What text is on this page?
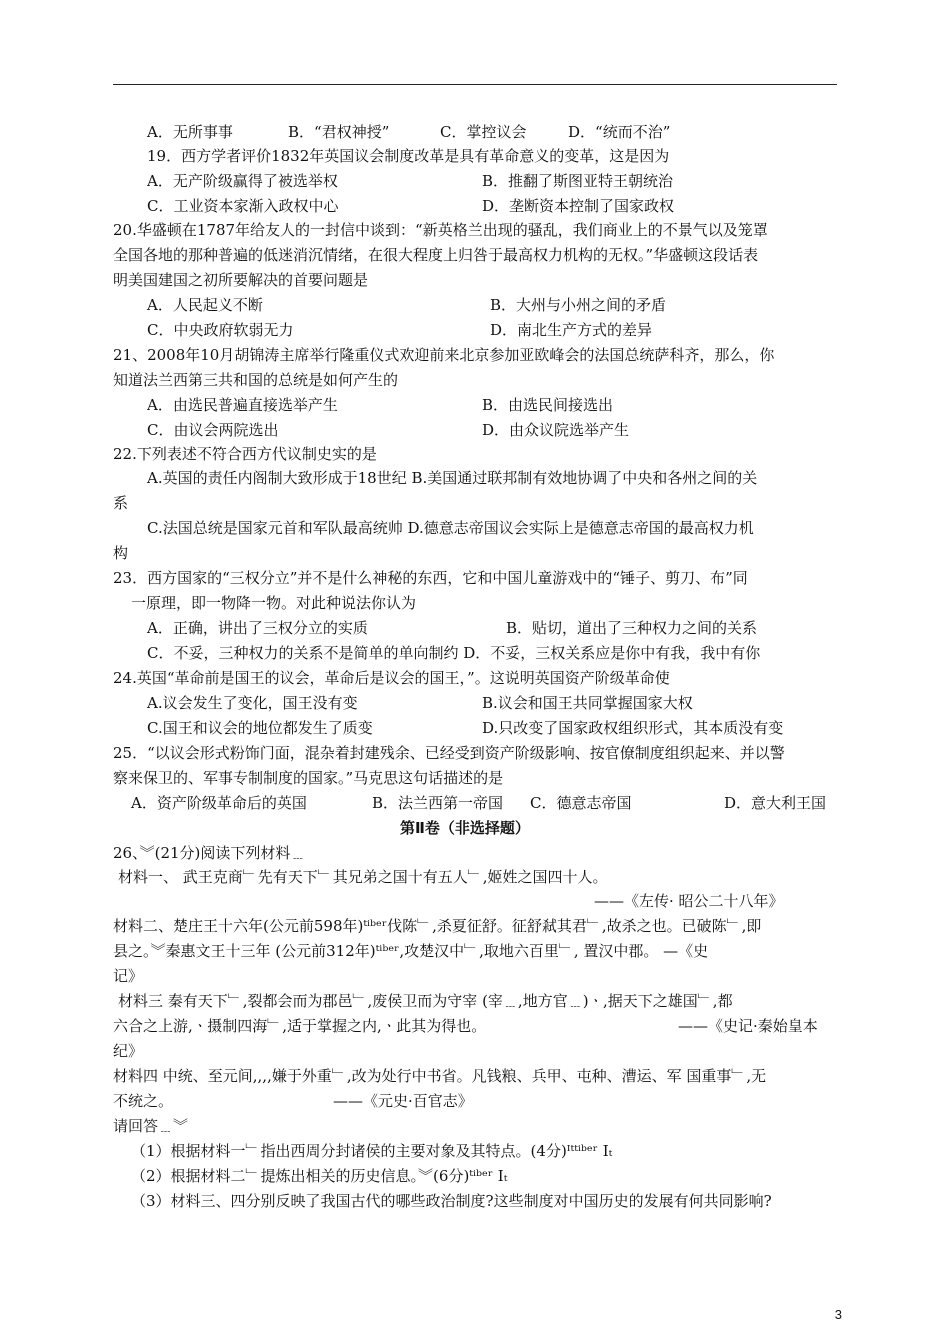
A．无所事事	B．“君权神授”	C．掌控议会	D．“统而不治”
19．西方学者评价1832年英国议会制度改革是具有革命意义的变革，这是因为
A．无产阶级赢得了被选举权	B．推翻了斯图亚特王朝统治
C．工业资本家渐入政权中心	D．垄断资本控制了国家政权
20.华盛顿在1787年给友人的一封信中谈到：“新英格兰出现的骚乱，我们商业上的不景气以及笼罩
全国各地的那种普遍的低迷消沉情绪，在很大程度上归咎于最高权力机构的无权。”华盛顿这段话表
明美国建国之初所要解决的首要问题是
A．人民起义不断	B．大州与小州之间的矛盾
C．中央政府软弱无力	D．南北生产方式的差异
21、2008年10月胡锦涛主席举行隆重仪式欢迎前来北京参加亚欧峰会的法国总统萨科齐，那么，你
知道法兰西第三共和国的总统是如何产生的
A．由选民普遍直接选举产生	B．由选民间接选出
C．由议会两院选出	D．由众议院选举产生
22.下列表述不符合西方代议制史实的是
A.英国的责任内阁制大致形成于18世纪 B.美国通过联邦制有效地协调了中央和各州之间的关
系
C.法国总统是国家元首和军队最高统帅 D.德意志帝国议会实际上是德意志帝国的最高权力机
构
23．西方国家的“三权分立”并不是什么神秘的东西，它和中国儿童游戏中的“锤子、剪刀、布”同
一原理，即一物降一物。对此种说法你认为
A．正确，讲出了三权分立的实质	B．贴切，道出了三种权力之间的关系
C．不妥，三种权力的关系不是简单的单向制约 D．不妥，三权关系应是你中有我，我中有你
24.英国“革命前是国王的议会，革命后是议会的国王，”。这说明英国资产阶级革命使
A.议会发生了变化，国王没有变	B.议会和国王共同掌握国家大权
C.国王和议会的地位都发生了质变	D.只改变了国家政权组织形式，其本质没有变
25．“以议会形式粉饰门面，混杂着封建残余、已经受到资产阶级影响、按官僚制度组织起来、并以警
察来保卫的、军事专制制度的国家。”马克思这句话描述的是
A．资产阶级革命后的英国	B．法兰西第一帝国 C．德意志帝国	D．意大利王国
第Ⅱ卷（非选择题）
26、︾(21分)阅读下列材料﹍
材料一、 武王克商﹂先有天下﹂其兄弟之国十有五人﹂,姬姓之国四十人。
——《左传· 昭公二十八年》
材料二、楚庄王十六年(公元前598年)ᵗⁱᵇᵉʳ伐陈﹂,杀夏征舒。征舒弒其君﹂,故杀之也。已破陈﹂,即
县之。︾秦惠文王十三年 (公元前312年)ᵗⁱᵇᵉʳ,攻楚汉中﹂,取地六百里﹂, 置汉中郡。 —《史
记》
材料三 秦有天下﹂,裂都会而为郡邑﹂,废侯卫而为守宰 (宰﹍,地方官﹍)ㆍ,据天下之雄国﹂,都
六合之上游,ㆍ摄制四海﹂,适于掌握之内,ㆍ此其为得也。	——《史记·秦始皇本
纪》
材料四 中统、至元间,,,,嫌于外重﹂,改为处行中书省。凡钱粮、兵甲、屯种、漕运、军 国重事﹂,无
不统之。	——《元史·百官志》
请回答﹍︾
（1）根据材料一﹂指出西周分封诸侯的主要对象及其特点。(4分)ᴵᵗᵗⁱᵇᵉʳ Iₜ
（2）根据材料二﹂提炼出相关的历史信息。︾(6分)ᵗⁱᵇᵉʳ Iₜ
（3）材料三、四分别反映了我国古代的哪些政治制度?这些制度对中国历史的发展有何共同影响?
3
